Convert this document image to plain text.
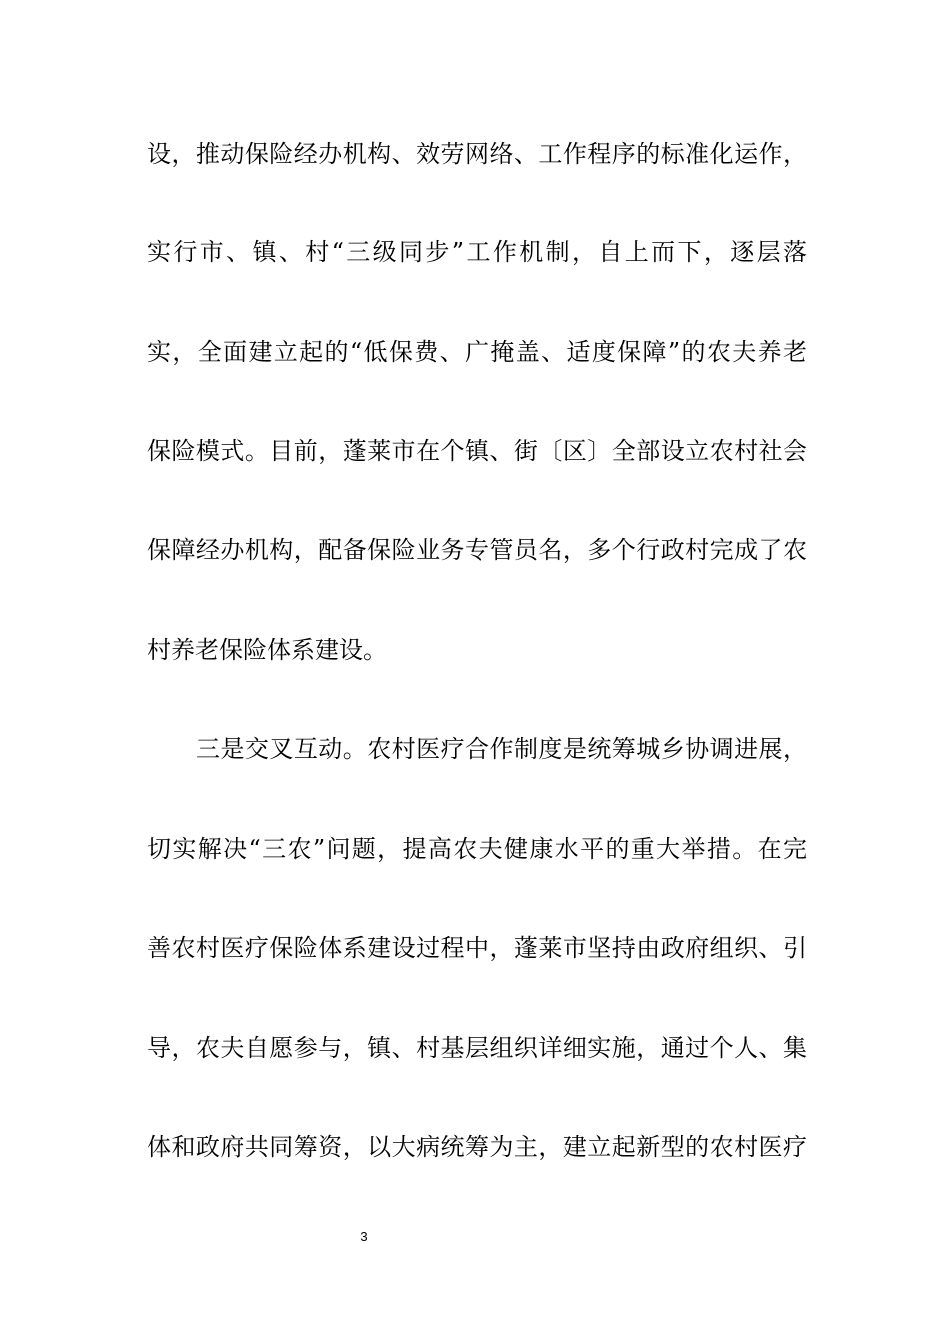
设，推动保险经办机构、效劳网络、工作程序的标准化运作，
实行市、镇、村“三级同步”工作机制，自上而下，逐层落
实，全面建立起的“低保费、广掩盖、适度保障”的农夫养老
保险模式。目前，蓬莱市在个镇、街〔区〕全部设立农村社会
保障经办机构，配备保险业务专管员名，多个行政村完成了农
村养老保险体系建设。
三是交叉互动。农村医疗合作制度是统筹城乡协调进展，
切实解决“三农”问题，提高农夫健康水平的重大举措。在完
善农村医疗保险体系建设过程中，蓬莱市坚持由政府组织、引
导，农夫自愿参与，镇、村基层组织详细实施，通过个人、集
体和政府共同筹资，以大病统筹为主，建立起新型的农村医疗
3
